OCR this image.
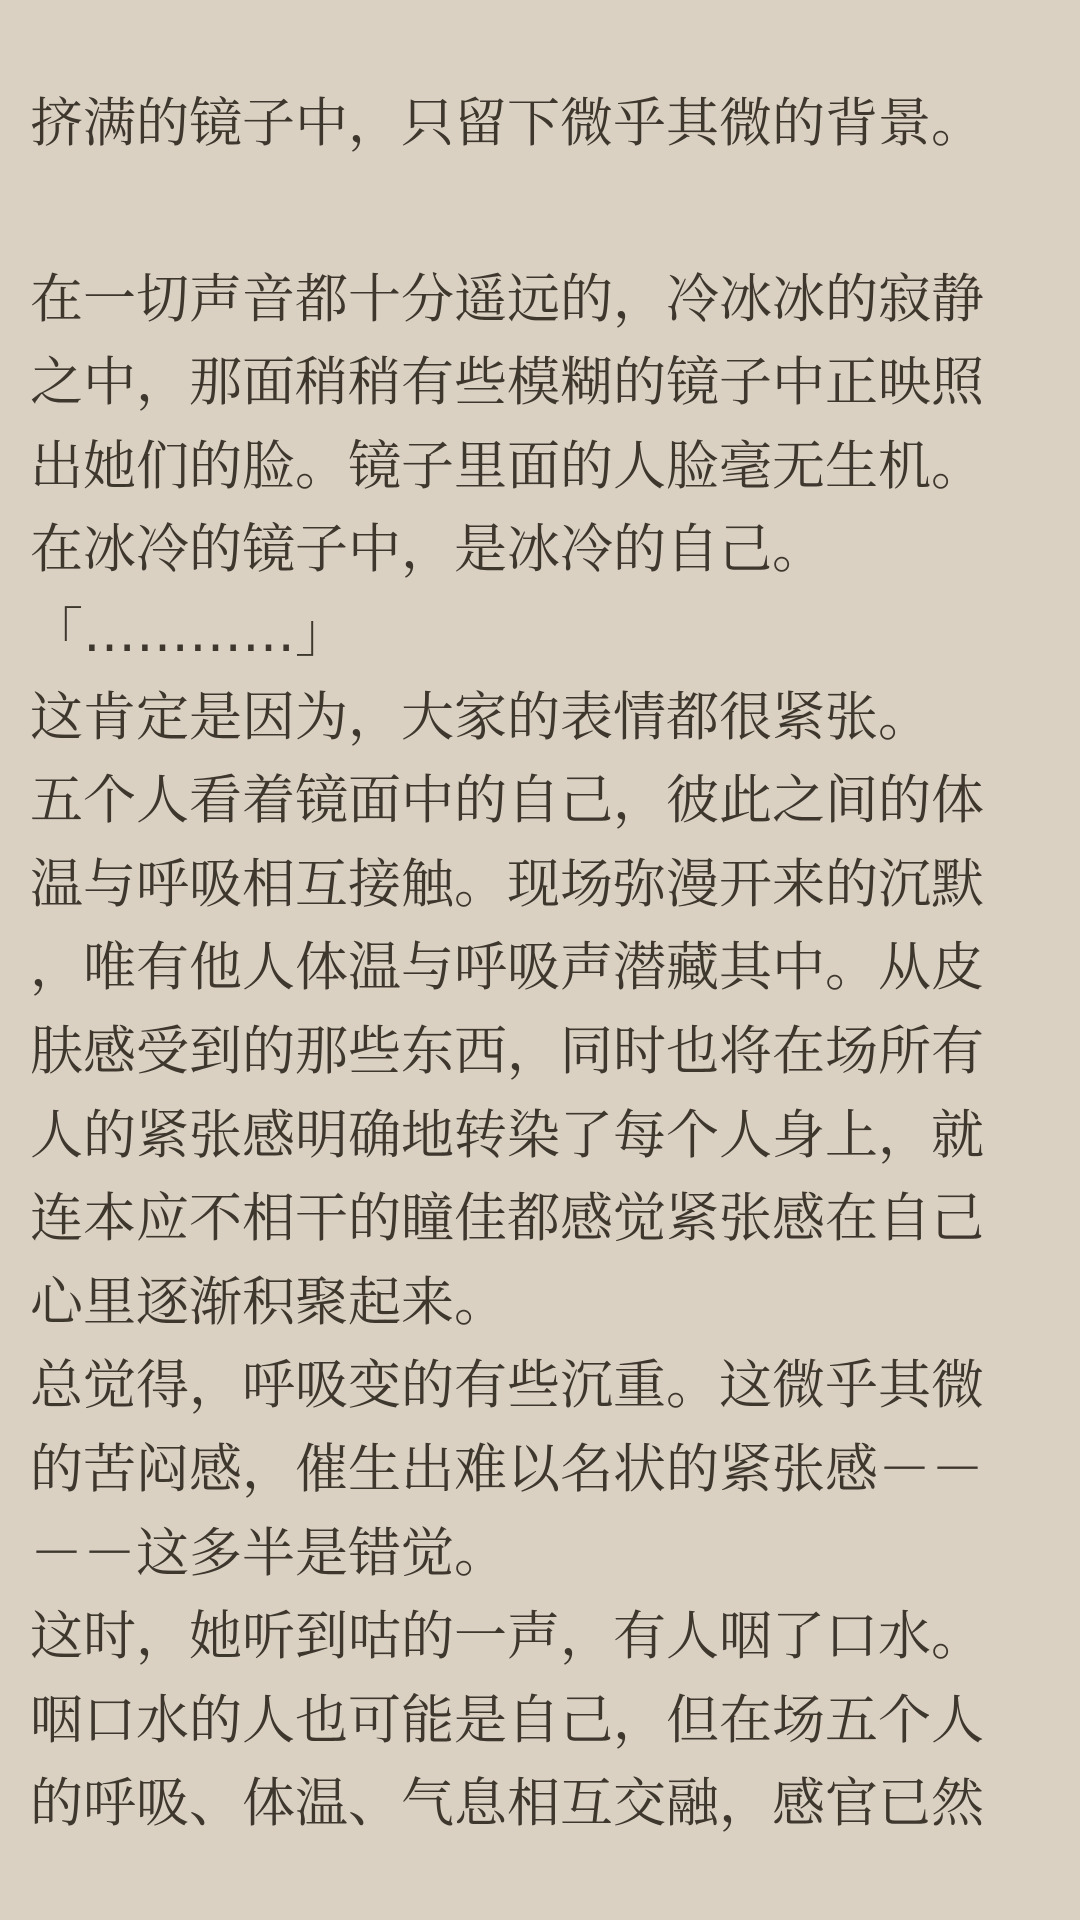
挤满的镜子中，只留下微乎其微的背景。
在一切声音都十分遥远的，冷冰冰的寂静
之中，那面稍稍有些模糊的镜子中正映照
出她们的脸。镜子里面的人脸毫无生机。
在冰冷的镜子中，是冰冷的自己。
「…………」
这肯定是因为，大家的表情都很紧张。
五个人看着镜面中的自己，彼此之间的体
温与呼吸相互接触。现场弥漫开来的沉默
，唯有他人体温与呼吸声潜藏其中。从皮
肤感受到的那些东西，同时也将在场所有
人的紧张感明确地转染了每个人身上，就
连本应不相干的瞳佳都感觉紧张感在自己
心里逐渐积聚起来。
总觉得，呼吸变的有些沉重。这微乎其微
的苦闷感，催生出难以名状的紧张感－－
－－这多半是错觉。
这时，她听到咕的一声，有人咽了口水。
咽口水的人也可能是自己，但在场五个人
的呼吸、体温、气息相互交融，感官已然
